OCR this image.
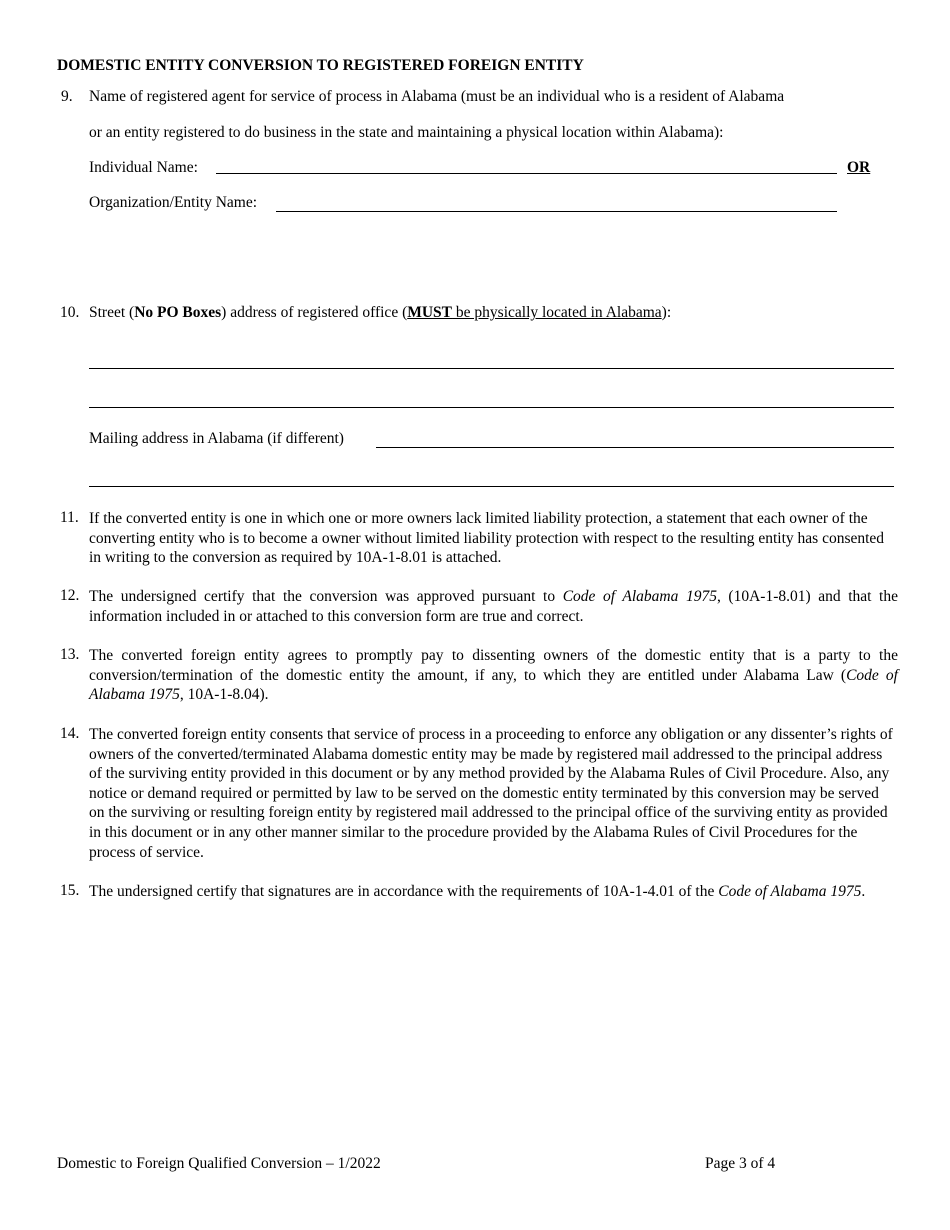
DOMESTIC ENTITY CONVERSION TO REGISTERED FOREIGN ENTITY
9. Name of registered agent for service of process in Alabama (must be an individual who is a resident of Alabama
or an entity registered to do business in the state and maintaining a physical location within Alabama):
Individual Name:	OR
Organization/Entity Name:
10. Street (No PO Boxes) address of registered office (MUST be physically located in Alabama):
Mailing address in Alabama (if different)
11. If the converted entity is one in which one or more owners lack limited liability protection, a statement that each owner of the converting entity who is to become a owner without limited liability protection with respect to the resulting entity has consented in writing to the conversion as required by 10A-1-8.01 is attached.
12. The undersigned certify that the conversion was approved pursuant to Code of Alabama 1975, (10A-1-8.01) and that the information included in or attached to this conversion form are true and correct.
13. The converted foreign entity agrees to promptly pay to dissenting owners of the domestic entity that is a party to the conversion/termination of the domestic entity the amount, if any, to which they are entitled under Alabama Law (Code of Alabama 1975, 10A-1-8.04).
14. The converted foreign entity consents that service of process in a proceeding to enforce any obligation or any dissenter’s rights of owners of the converted/terminated Alabama domestic entity may be made by registered mail addressed to the principal address of the surviving entity provided in this document or by any method provided by the Alabama Rules of Civil Procedure. Also, any notice or demand required or permitted by law to be served on the domestic entity terminated by this conversion may be served on the surviving or resulting foreign entity by registered mail addressed to the principal office of the surviving entity as provided in this document or in any other manner similar to the procedure provided by the Alabama Rules of Civil Procedures for the process of service.
15. The undersigned certify that signatures are in accordance with the requirements of 10A-1-4.01 of the Code of Alabama 1975.
Domestic to Foreign Qualified Conversion – 1/2022	Page 3 of 4
